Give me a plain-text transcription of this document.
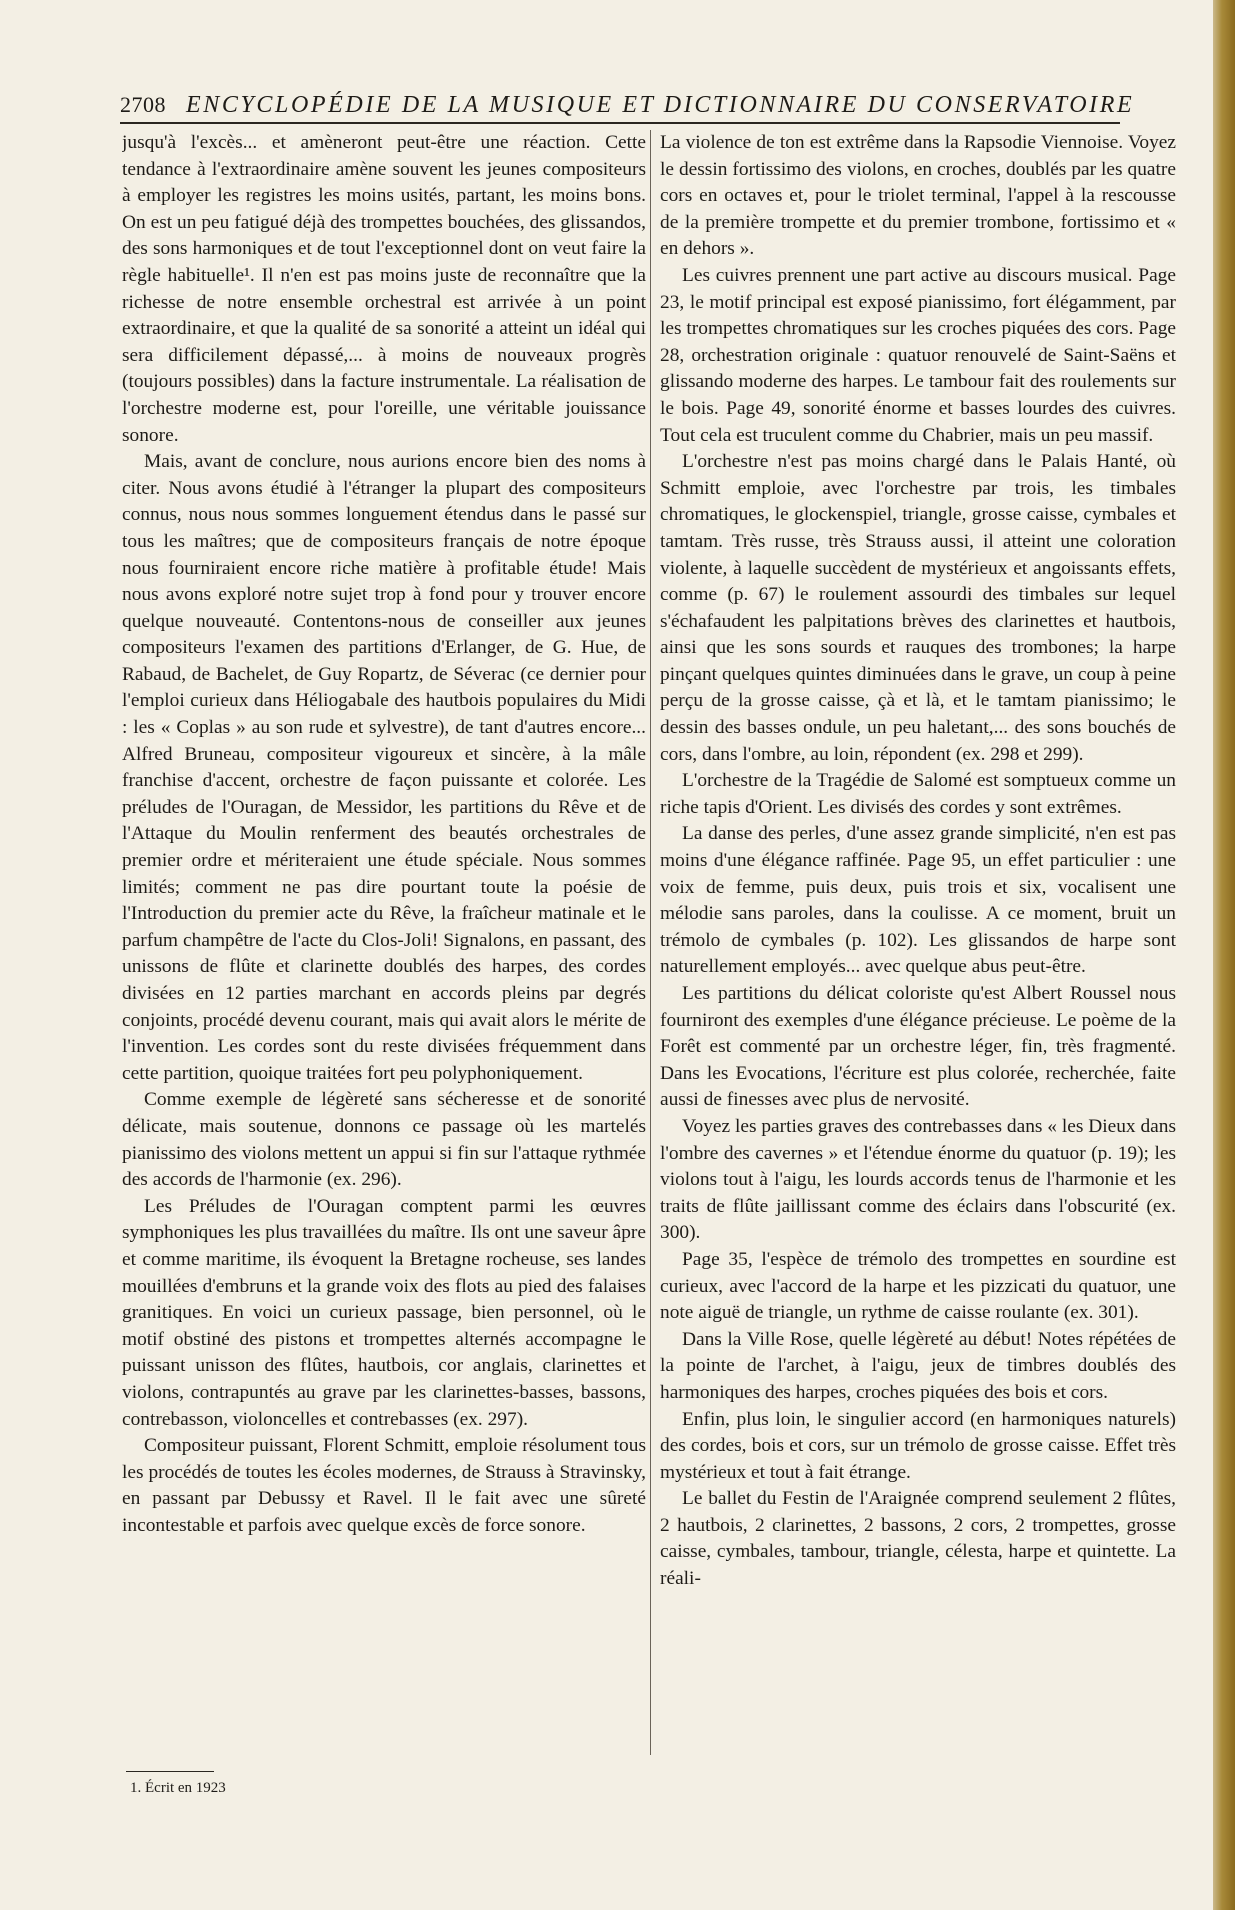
2708 ENCYCLOPÉDIE DE LA MUSIQUE ET DICTIONNAIRE DU CONSERVATOIRE

jusqu'à l'excès... et amèneront peut-être une réaction. Cette tendance à l'extraordinaire amène souvent les jeunes compositeurs à employer les registres les moins usités, partant, les moins bons. On est un peu fatigué déjà des trompettes bouchées, des glissandos, des sons harmoniques et de tout l'exceptionnel dont on veut faire la règle habituelle¹. Il n'en est pas moins juste de reconnaître que la richesse de notre ensemble orchestral est arrivée à un point extraordinaire, et que la qualité de sa sonorité a atteint un idéal qui sera difficilement dépassé,... à moins de nouveaux progrès (toujours possibles) dans la facture instrumentale. La réalisation de l'orchestre moderne est, pour l'oreille, une véritable jouissance sonore.

Mais, avant de conclure, nous aurions encore bien des noms à citer. Nous avons étudié à l'étranger la plupart des compositeurs connus, nous nous sommes longuement étendus dans le passé sur tous les maîtres; que de compositeurs français de notre époque nous fourniraient encore riche matière à profitable étude! Mais nous avons exploré notre sujet trop à fond pour y trouver encore quelque nouveauté. Contentons-nous de conseiller aux jeunes compositeurs l'examen des partitions d'Erlanger, de G. Hue, de Rabaud, de Bachelet, de Guy Ropartz, de Séverac (ce dernier pour l'emploi curieux dans Héliogabale des hautbois populaires du Midi : les « Coplas » au son rude et sylvestre), de tant d'autres encore... Alfred Bruneau, compositeur vigoureux et sincère, à la mâle franchise d'accent, orchestre de façon puissante et colorée. Les préludes de l'Ouragan, de Messidor, les partitions du Rêve et de l'Attaque du Moulin renferment des beautés orchestrales de premier ordre et mériteraient une étude spéciale. Nous sommes limités; comment ne pas dire pourtant toute la poésie de l'Introduction du premier acte du Rêve, la fraîcheur matinale et le parfum champêtre de l'acte du Clos-Joli! Signalons, en passant, des unissons de flûte et clarinette doublés des harpes, des cordes divisées en 12 parties marchant en accords pleins par degrés conjoints, procédé devenu courant, mais qui avait alors le mérite de l'invention. Les cordes sont du reste divisées fréquemment dans cette partition, quoique traitées fort peu polyphoniquement.

Comme exemple de légèreté sans sécheresse et de sonorité délicate, mais soutenue, donnons ce passage où les martelés pianissimo des violons mettent un appui si fin sur l'attaque rythmée des accords de l'harmonie (ex. 296).

Les Préludes de l'Ouragan comptent parmi les œuvres symphoniques les plus travaillées du maître. Ils ont une saveur âpre et comme maritime, ils évoquent la Bretagne rocheuse, ses landes mouillées d'embruns et la grande voix des flots au pied des falaises granitiques. En voici un curieux passage, bien personnel, où le motif obstiné des pistons et trompettes alternés accompagne le puissant unisson des flûtes, hautbois, cor anglais, clarinettes et violons, contrapuntés au grave par les clarinettes-basses, bassons, contrebasson, violoncelles et contrebasses (ex. 297).

Compositeur puissant, Florent Schmitt, emploie résolument tous les procédés de toutes les écoles modernes, de Strauss à Stravinsky, en passant par Debussy et Ravel. Il le fait avec une sûreté incontestable et parfois avec quelque excès de force sonore.

La violence de ton est extrême dans la Rapsodie Viennoise. Voyez le dessin fortissimo des violons, en croches, doublés par les quatre cors en octaves et, pour le triolet terminal, l'appel à la rescousse de la première trompette et du premier trombone, fortissimo et « en dehors ».

Les cuivres prennent une part active au discours musical. Page 23, le motif principal est exposé pianissimo, fort élégamment, par les trompettes chromatiques sur les croches piquées des cors. Page 28, orchestration originale : quatuor renouvelé de Saint-Saëns et glissando moderne des harpes. Le tambour fait des roulements sur le bois. Page 49, sonorité énorme et basses lourdes des cuivres. Tout cela est truculent comme du Chabrier, mais un peu massif.

L'orchestre n'est pas moins chargé dans le Palais Hanté, où Schmitt emploie, avec l'orchestre par trois, les timbales chromatiques, le glockenspiel, triangle, grosse caisse, cymbales et tamtam. Très russe, très Strauss aussi, il atteint une coloration violente, à laquelle succèdent de mystérieux et angoissants effets, comme (p. 67) le roulement assourdi des timbales sur lequel s'échafaudent les palpitations brèves des clarinettes et hautbois, ainsi que les sons sourds et rauques des trombones; la harpe pinçant quelques quintes diminuées dans le grave, un coup à peine perçu de la grosse caisse, çà et là, et le tamtam pianissimo; le dessin des basses ondule, un peu haletant,... des sons bouchés de cors, dans l'ombre, au loin, répondent (ex. 298 et 299).

L'orchestre de la Tragédie de Salomé est somptueux comme un riche tapis d'Orient. Les divisés des cordes y sont extrêmes.

La danse des perles, d'une assez grande simplicité, n'en est pas moins d'une élégance raffinée. Page 95, un effet particulier : une voix de femme, puis deux, puis trois et six, vocalisent une mélodie sans paroles, dans la coulisse. A ce moment, bruit un trémolo de cymbales (p. 102). Les glissandos de harpe sont naturellement employés... avec quelque abus peut-être.

Les partitions du délicat coloriste qu'est Albert Roussel nous fourniront des exemples d'une élégance précieuse. Le poème de la Forêt est commenté par un orchestre léger, fin, très fragmenté. Dans les Evocations, l'écriture est plus colorée, recherchée, faite aussi de finesses avec plus de nervosité.

Voyez les parties graves des contrebasses dans « les Dieux dans l'ombre des cavernes » et l'étendue énorme du quatuor (p. 19); les violons tout à l'aigu, les lourds accords tenus de l'harmonie et les traits de flûte jaillissant comme des éclairs dans l'obscurité (ex. 300).

Page 35, l'espèce de trémolo des trompettes en sourdine est curieux, avec l'accord de la harpe et les pizzicati du quatuor, une note aiguë de triangle, un rythme de caisse roulante (ex. 301).

Dans la Ville Rose, quelle légèreté au début! Notes répétées de la pointe de l'archet, à l'aigu, jeux de timbres doublés des harmoniques des harpes, croches piquées des bois et cors.

Enfin, plus loin, le singulier accord (en harmoniques naturels) des cordes, bois et cors, sur un trémolo de grosse caisse. Effet très mystérieux et tout à fait étrange.

Le ballet du Festin de l'Araignée comprend seulement 2 flûtes, 2 hautbois, 2 clarinettes, 2 bassons, 2 cors, 2 trompettes, grosse caisse, cymbales, tambour, triangle, célesta, harpe et quintette. La réali-

1. Écrit en 1923
